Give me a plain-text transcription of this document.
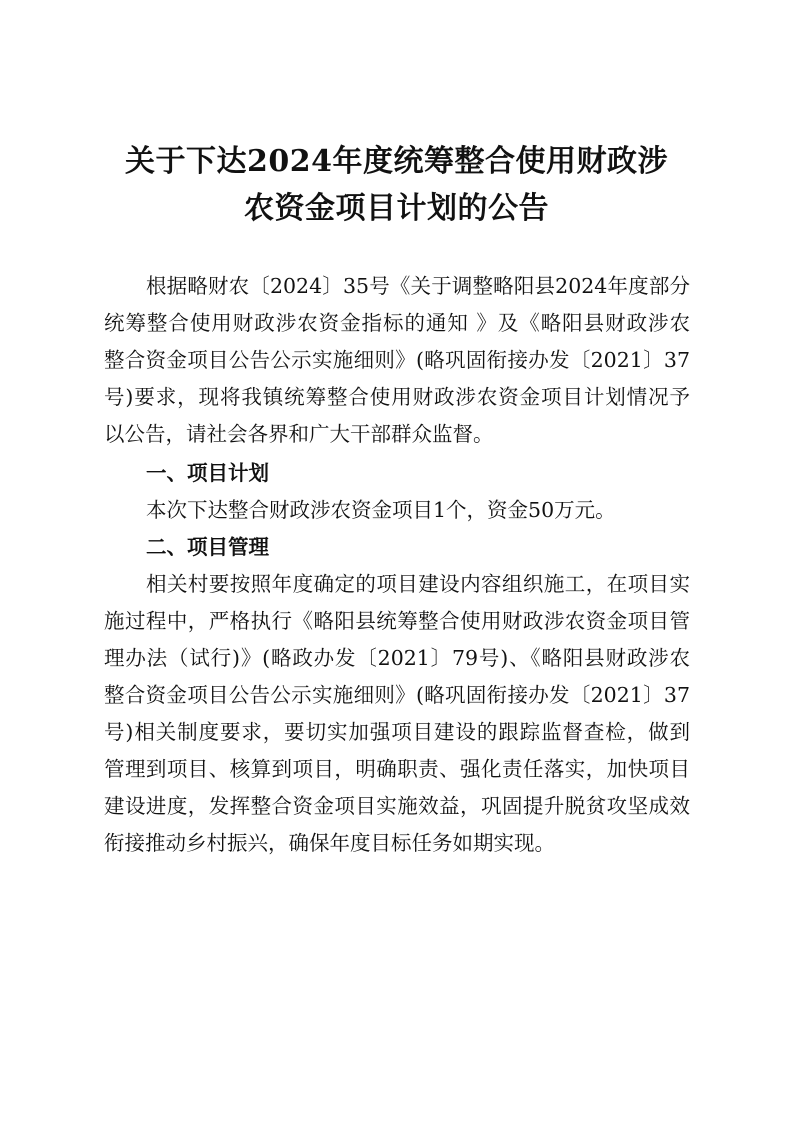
关于下达2024年度统筹整合使用财政涉
农资金项目计划的公告
根据略财农〔2024〕35号《关于调整略阳县2024年度部分
统筹整合使用财政涉农资金指标的通知 》及《略阳县财政涉农
整合资金项目公告公示实施细则》(略巩固衔接办发〔2021〕37
号)要求，现将我镇统筹整合使用财政涉农资金项目计划情况予
以公告，请社会各界和广大干部群众监督。
一、项目计划
本次下达整合财政涉农资金项目1个，资金50万元。
二、项目管理
相关村要按照年度确定的项目建设内容组织施工，在项目实
施过程中，严格执行《略阳县统筹整合使用财政涉农资金项目管
理办法（试行)》(略政办发〔2021〕79号)、《略阳县财政涉农
整合资金项目公告公示实施细则》(略巩固衔接办发〔2021〕37
号)相关制度要求，要切实加强项目建设的跟踪监督查检，做到
管理到项目、核算到项目，明确职责、强化责任落实，加快项目
建设进度，发挥整合资金项目实施效益，巩固提升脱贫攻坚成效
衔接推动乡村振兴，确保年度目标任务如期实现。
